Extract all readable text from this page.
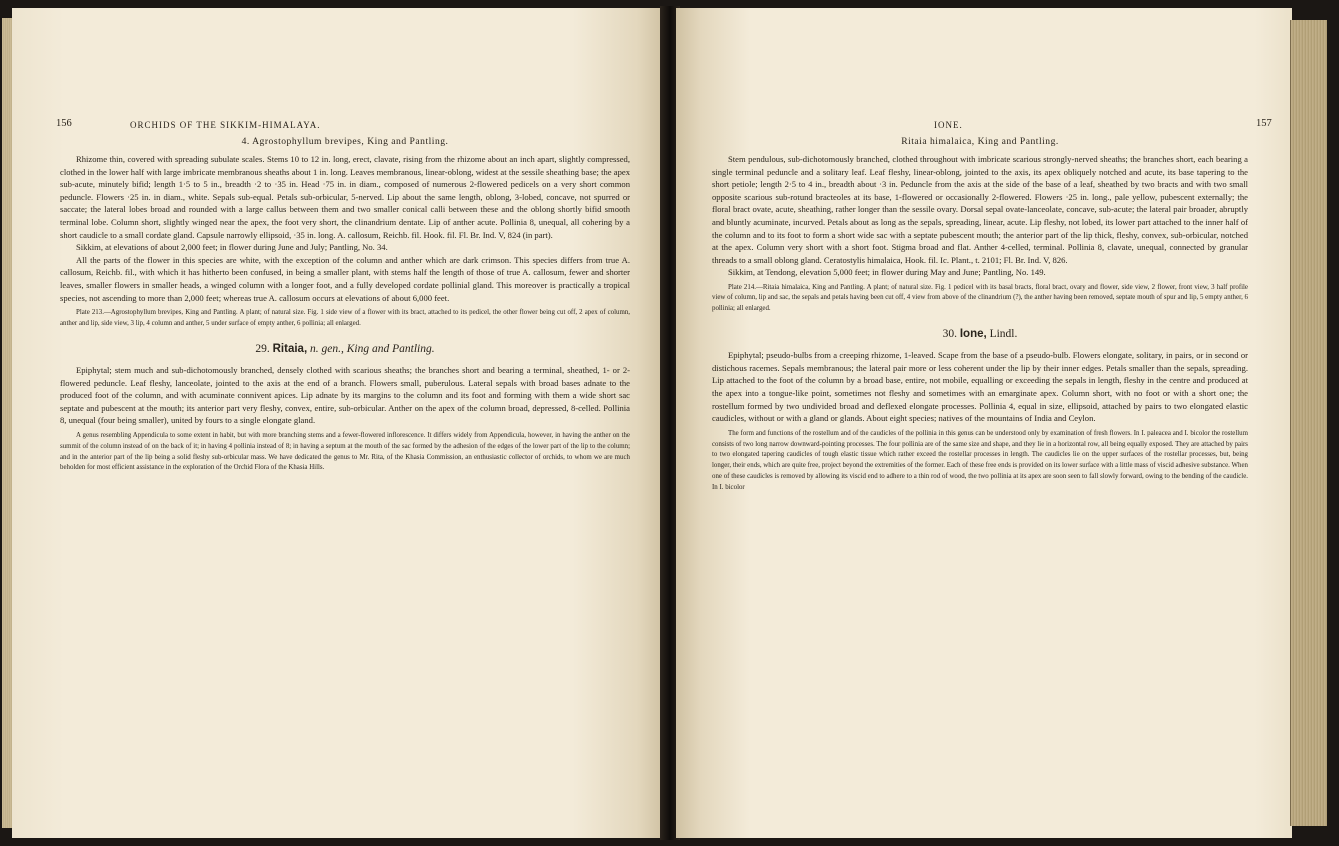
156	ORCHIDS OF THE SIKKIM-HIMALAYA.
4. Agrostophyllum brevipes, King and Pantling.

Rhizome thin, covered with spreading subulate scales. Stems 10 to 12 in. long, erect, clavate, rising from the rhizome about an inch apart, slightly compressed, clothed in the lower half with large imbricate membranous sheaths about 1 in. long. Leaves membranous, linear-oblong, widest at the sessile sheathing base; the apex sub-acute, minutely bifid; length 1·5 to 5 in., breadth ·2 to ·35 in. Head ·75 in. in diam., composed of numerous 2-flowered pedicels on a very short common peduncle. Flowers ·25 in. in diam., white. Sepals sub-equal. Petals sub-orbicular, 5-nerved. Lip about the same length, oblong, 3-lobed, concave, not spurred or saccate; the lateral lobes broad and rounded with a large callus between them and two smaller conical calli between these and the oblong shortly bifid smooth terminal lobe. Column short, slightly winged near the apex, the foot very short, the clinandrium dentate. Lip of anther acute. Pollinia 8, unequal, all cohering by a short caudicle to a small cordate gland. Capsule narrowly ellipsoid, ·35 in. long. A. callosum, Reichb. fil. Hook. fil. Fl. Br. Ind. V, 824 (in part).

Sikkim, at elevations of about 2,000 feet; in flower during June and July; Pantling, No. 34.

All the parts of the flower in this species are white, with the exception of the column and anther which are dark crimson. This species differs from true A. callosum, Reichb. fil., with which it has hitherto been confused, in being a smaller plant, with stems half the length of those of true A. callosum, fewer and shorter leaves, smaller flowers in smaller heads, a winged column with a longer foot, and a fully developed cordate pollinial gland. This moreover is practically a tropical species, not ascending to more than 2,000 feet; whereas true A. callosum occurs at elevations of about 6,000 feet.

Plate 213.—Agrostophyllum brevipes, King and Pantling. A plant; of natural size. Fig. 1 side view of a flower with its bract, attached to its pedicel, the other flower being cut off, 2 apex of column, anther and lip, side view, 3 lip, 4 column and anther, 5 under surface of empty anther, 6 pollinia; all enlarged.

29. Ritaia, n. gen., King and Pantling.

Epiphytal; stem much and sub-dichotomously branched, densely clothed with scarious sheaths; the branches short and bearing a terminal, sheathed, 1- or 2-flowered peduncle. Leaf fleshy, lanceolate, jointed to the axis at the end of a branch. Flowers small, puberulous. Lateral sepals with broad bases adnate to the produced foot of the column, and with acuminate connivent apices. Lip adnate by its margins to the column and its foot and forming with them a wide short sac septate and pubescent at the mouth; its anterior part very fleshy, convex, entire, sub-orbicular. Anther on the apex of the column broad, depressed, 8-celled. Pollinia 8, unequal (four being smaller), united by fours to a single elongate gland.

A genus resembling Appendicula to some extent in habit, but with more branching stems and a fewer-flowered inflorescence. It differs widely from Appendicula, however, in having the anther on the summit of the column instead of on the back of it; in having 4 pollinia instead of 8; in having a septum at the mouth of the sac formed by the adhesion of the edges of the lower part of the lip to the column; and in the anterior part of the lip being a solid fleshy sub-orbicular mass. We have dedicated the genus to Mr. Rita, of the Khasia Commission, an enthusiastic collector of orchids, to whom we are much beholden for most efficient assistance in the exploration of the Orchid Flora of the Khasia Hills.

IONE.	157
Ritaia himalaica, King and Pantling.

Stem pendulous, sub-dichotomously branched, clothed throughout with imbricate scarious strongly-nerved sheaths; the branches short, each bearing a single terminal peduncle and a solitary leaf. Leaf fleshy, linear-oblong, jointed to the axis, its apex obliquely notched and acute, its base tapering to the short petiole; length 2·5 to 4 in., breadth about ·3 in. Peduncle from the axis at the side of the base of a leaf, sheathed by two bracts and with two small opposite scarious sub-rotund bracteoles at its base, 1-flowered or occasionally 2-flowered. Flowers ·25 in. long., pale yellow, pubescent externally; the floral bract ovate, acute, sheathing, rather longer than the sessile ovary. Dorsal sepal ovate-lanceolate, concave, sub-acute; the lateral pair broader, abruptly and bluntly acuminate, incurved. Petals about as long as the sepals, spreading, linear, acute. Lip fleshy, not lobed, its lower part attached to the inner half of the column and to its foot to form a short wide sac with a septate pubescent mouth; the anterior part of the lip thick, fleshy, convex, sub-orbicular, notched at the apex. Column very short with a short foot. Stigma broad and flat. Anther 4-celled, terminal. Pollinia 8, clavate, unequal, connected by granular threads to a small oblong gland. Ceratostylis himalaica, Hook. fil. Ic. Plant., t. 2101; Fl. Br. Ind. V, 826.

Sikkim, at Tendong, elevation 5,000 feet; in flower during May and June; Pantling, No. 149.

Plate 214.—Ritaia himalaica, King and Pantling. A plant; of natural size. Fig. 1 pedicel with its basal bracts, floral bract, ovary and flower, side view, 2 flower, front view, 3 half profile view of column, lip and sac, the sepals and petals having been cut off, 4 view from above of the clinandrium (?), the anther having been removed, septate mouth of spur and lip, 5 empty anther, 6 pollinia; all enlarged.

30. Ione, Lindl.

Epiphytal; pseudo-bulbs from a creeping rhizome, 1-leaved. Scape from the base of a pseudo-bulb. Flowers elongate, solitary, in pairs, or in second or distichous racemes. Sepals membranous; the lateral pair more or less coherent under the lip by their inner edges. Petals smaller than the sepals, spreading. Lip attached to the foot of the column by a broad base, entire, not mobile, equalling or exceeding the sepals in length, fleshy in the centre and produced at the apex into a tongue-like point, sometimes not fleshy and sometimes with an emarginate apex. Column short, with no foot or with a short one; the rostellum formed by two undivided broad and deflexed elongate processes. Pollinia 4, equal in size, ellipsoid, attached by pairs to two elongated elastic caudicles, without or with a gland or glands. About eight species; natives of the mountains of India and Ceylon.

The form and functions of the rostellum and of the caudicles of the pollinia in this genus can be understood only by examination of fresh flowers. In I. paleacea and I. bicolor the rostellum consists of two long narrow downward-pointing processes. The four pollinia are of the same size and shape, and they lie in a horizontal row, all being equally exposed. They are attached by pairs to two elongated tapering caudicles of tough elastic tissue which rather exceed the rostellar processes in length. The caudicles lie on the upper surfaces of the rostellar processes, but, being longer, their ends, which are quite free, project beyond the extremities of the former. Each of these free ends is provided on its lower surface with a little mass of viscid adhesive substance. When one of these caudicles is removed by allowing its viscid end to adhere to a thin rod of wood, the two pollinia at its apex are soon seen to fall slowly forward, owing to the bending of the caudicle. In I. bicolor
